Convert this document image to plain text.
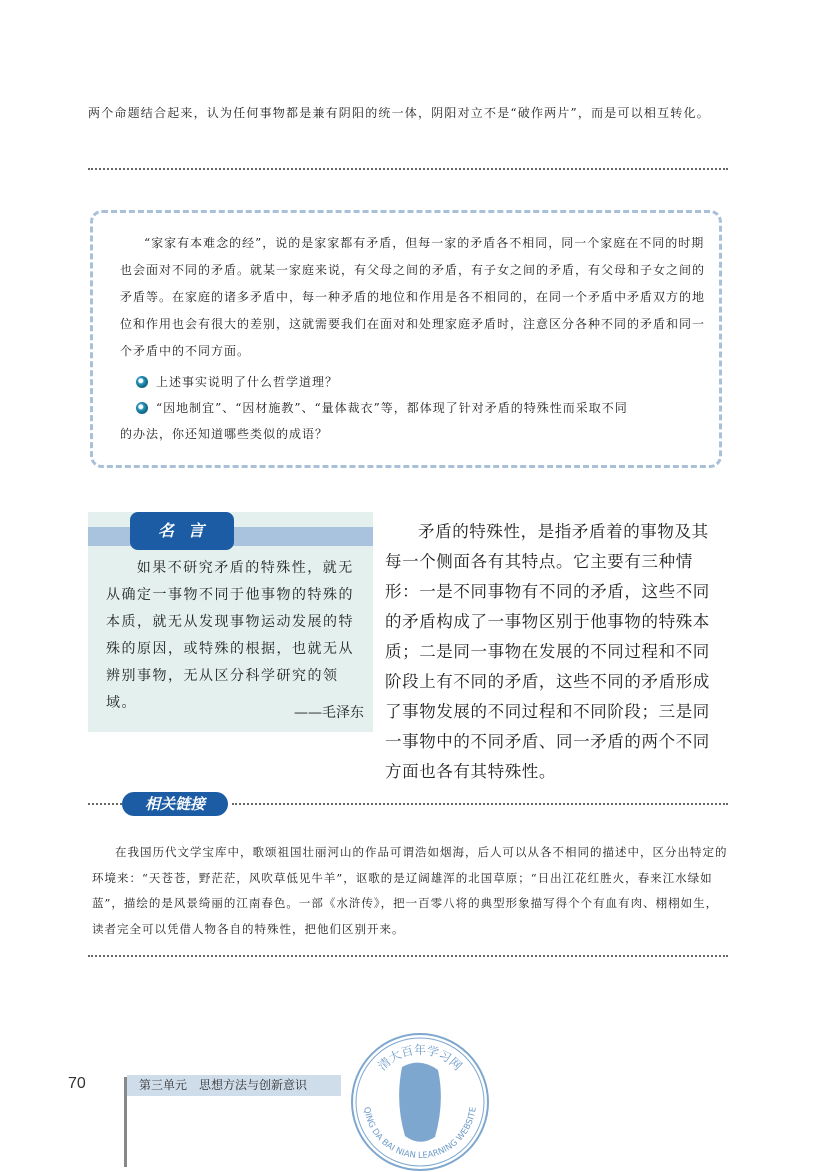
两个命题结合起来，认为任何事物都是兼有阴阳的统一体，阴阳对立不是“破作两片”，而是可以相互转化。
“家家有本难念的经”，说的是家家都有矛盾，但每一家的矛盾各不相同，同一个家庭在不同的时期也会面对不同的矛盾。就某一家庭来说，有父母之间的矛盾，有子女之间的矛盾，有父母和子女之间的矛盾等。在家庭的诸多矛盾中，每一种矛盾的地位和作用是各不相同的，在同一个矛盾中矛盾双方的地位和作用也会有很大的差别，这就需要我们在面对和处理家庭矛盾时，注意区分各种不同的矛盾和同一个矛盾中的不同方面。
上述事实说明了什么哲学道理？
“因地制宜”、“因材施教”、“量体裁衣”等，都体现了针对矛盾的特殊性而采取不同
的办法，你还知道哪些类似的成语？
名言
如果不研究矛盾的特殊性，就无从确定一事物不同于他事物的特殊的本质，就无从发现事物运动发展的特殊的原因，或特殊的根据，也就无从辨别事物，无从区分科学研究的领域。
——毛泽东
矛盾的特殊性，是指矛盾着的事物及其每一个侧面各有其特点。它主要有三种情形：一是不同事物有不同的矛盾，这些不同的矛盾构成了一事物区别于他事物的特殊本质；二是同一事物在发展的不同过程和不同阶段上有不同的矛盾，这些不同的矛盾形成了事物发展的不同过程和不同阶段；三是同一事物中的不同矛盾、同一矛盾的两个不同方面也各有其特殊性。
相关链接
在我国历代文学宝库中，歌颂祖国壮丽河山的作品可谓浩如烟海，后人可以从各不相同的描述中，区分出特定的环境来：“天苍苍，野茫茫，风吹草低见牛羊”，讴歌的是辽阔雄浑的北国草原；“日出江花红胜火，春来江水绿如蓝”，描绘的是风景绮丽的江南春色。一部《水浒传》，把一百零八将的典型形象描写得个个有血有肉、栩栩如生，读者完全可以凭借人物各自的特殊性，把他们区别开来。
70	第三单元　思想方法与创新意识
清大百年学习网
QING DA BAI NIAN LEARNING WEBSITE
